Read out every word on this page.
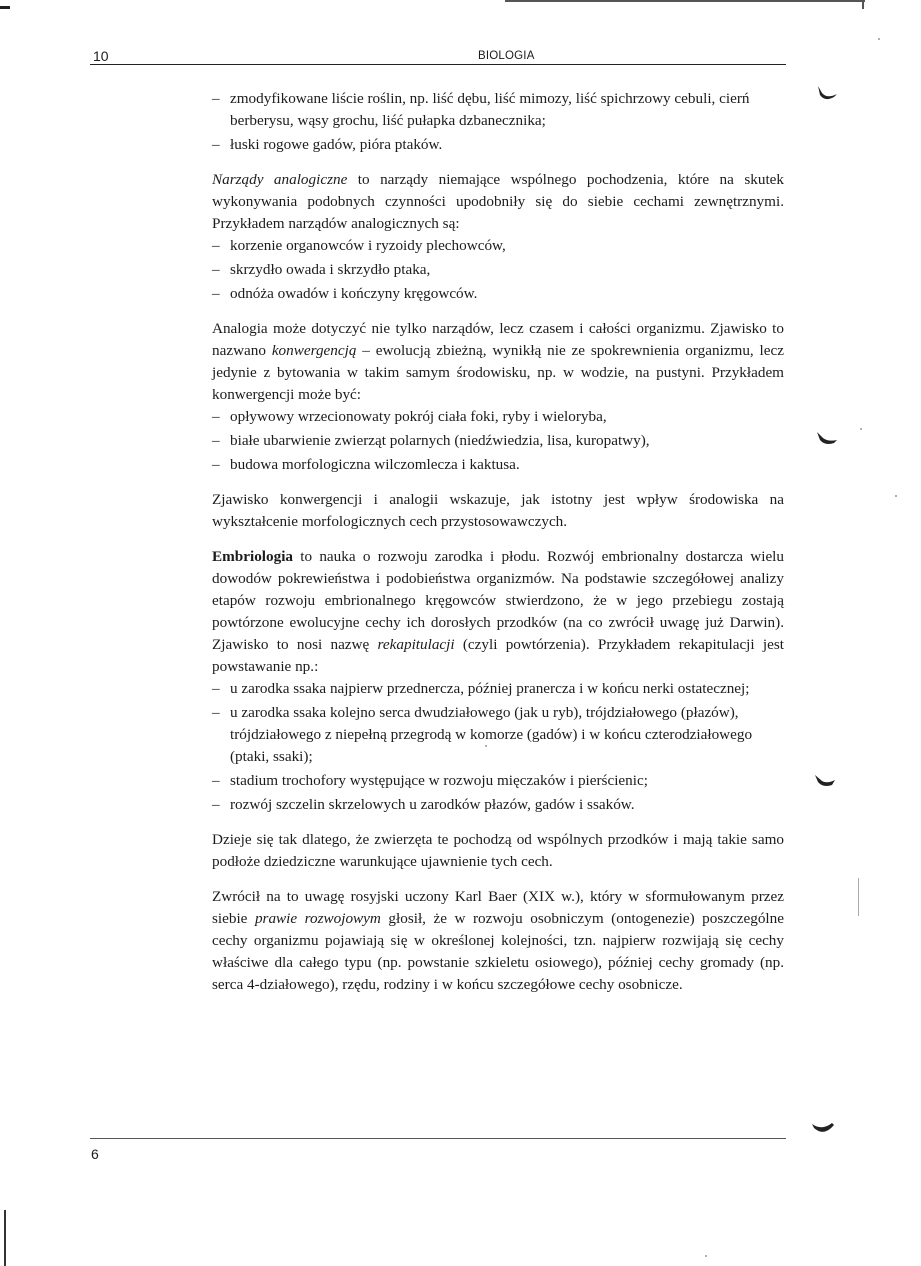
10	BIOLOGIA
– zmodyfikowane liście roślin, np. liść dębu, liść mimozy, liść spichrzowy cebuli, cierń berberysu, wąsy grochu, liść pułapka dzbanecznika;
– łuski rogowe gadów, pióra ptaków.

Narządy analogiczne to narządy niemające wspólnego pochodzenia, które na skutek wykonywania podobnych czynności upodobniły się do siebie cechami zewnętrznymi. Przykładem narządów analogicznych są:

– korzenie organowców i ryzoidy plechowców,
– skrzydło owada i skrzydło ptaka,
– odnóża owadów i kończyny kręgowców.

Analogia może dotyczyć nie tylko narządów, lecz czasem i całości organizmu. Zjawisko to nazwano konwergencją – ewolucją zbieżną, wynikłą nie ze spokrewnienia organizmu, lecz jedynie z bytowania w takim samym środowisku, np. w wodzie, na pustyni. Przykładem konwergencji może być:

– opływowy wrzecionowaty pokrój ciała foki, ryby i wieloryba,
– białe ubarwienie zwierząt polarnych (niedźwiedzia, lisa, kuropatwy),
– budowa morfologiczna wilczomlecza i kaktusa.

Zjawisko konwergencji i analogii wskazuje, jak istotny jest wpływ środowiska na wykształcenie morfologicznych cech przystosowawczych.

Embriologia to nauka o rozwoju zarodka i płodu. Rozwój embrionalny dostarcza wielu dowodów pokrewieństwa i podobieństwa organizmów. Na podstawie szczegółowej analizy etapów rozwoju embrionalnego kręgowców stwierdzono, że w jego przebiegu zostają powtórzone ewolucyjne cechy ich dorosłych przodków (na co zwrócił uwagę już Darwin). Zjawisko to nosi nazwę rekapitulacji (czyli powtórzenia). Przykładem rekapitulacji jest powstawanie np.:

– u zarodka ssaka najpierw przednercza, później pranercza i w końcu nerki ostatecznej;
– u zarodka ssaka kolejno serca dwudziałowego (jak u ryb), trójdziałowego (płazów), trójdziałowego z niepełną przegrodą w komorze (gadów) i w końcu czterodziałowego (ptaki, ssaki);
– stadium trochofory występujące w rozwoju mięczaków i pierścienic;
– rozwój szczelin skrzelowych u zarodków płazów, gadów i ssaków.

Dzieje się tak dlatego, że zwierzęta te pochodzą od wspólnych przodków i mają takie samo podłoże dziedziczne warunkujące ujawnienie tych cech.

Zwrócił na to uwagę rosyjski uczony Karl Baer (XIX w.), który w sformułowanym przez siebie prawie rozwojowym głosił, że w rozwoju osobniczym (ontogenezie) poszczególne cechy organizmu pojawiają się w określonej kolejności, tzn. najpierw rozwijają się cechy właściwe dla całego typu (np. powstanie szkieletu osiowego), później cechy gromady (np. serca 4-działowego), rzędu, rodziny i w końcu szczegółowe cechy osobnicze.

6
